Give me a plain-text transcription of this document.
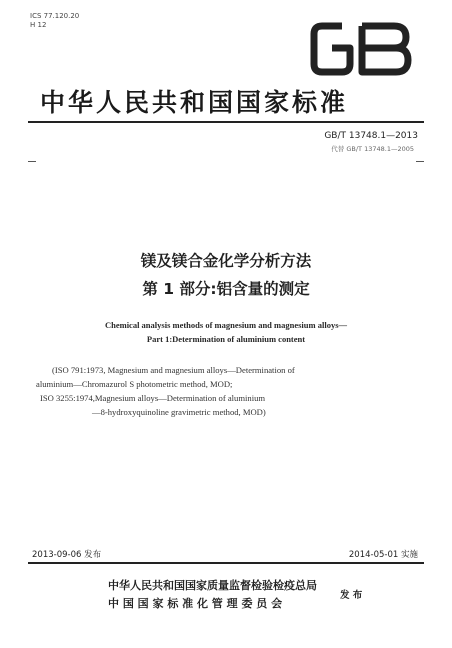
ICS 77.120.20
H 12
中华人民共和国国家标准
GB/T 13748.1—2013
代替 GB/T 13748.1—2005
镁及镁合金化学分析方法
第 1 部分:铝含量的测定
Chemical analysis methods of magnesium and magnesium alloys—
Part 1:Determination of aluminium content
(ISO 791:1973, Magnesium and magnesium alloys—Determination of
aluminium—Chromazurol S photometric method, MOD;
ISO 3255:1974,Magnesium alloys—Determination of aluminium
—8-hydroxyquinoline gravimetric method, MOD)
2013-09-06 发布	2014-05-01 实施
中华人民共和国国家质量监督检验检疫总局
中 国 国 家 标 准 化 管 理 委 员 会
发 布
